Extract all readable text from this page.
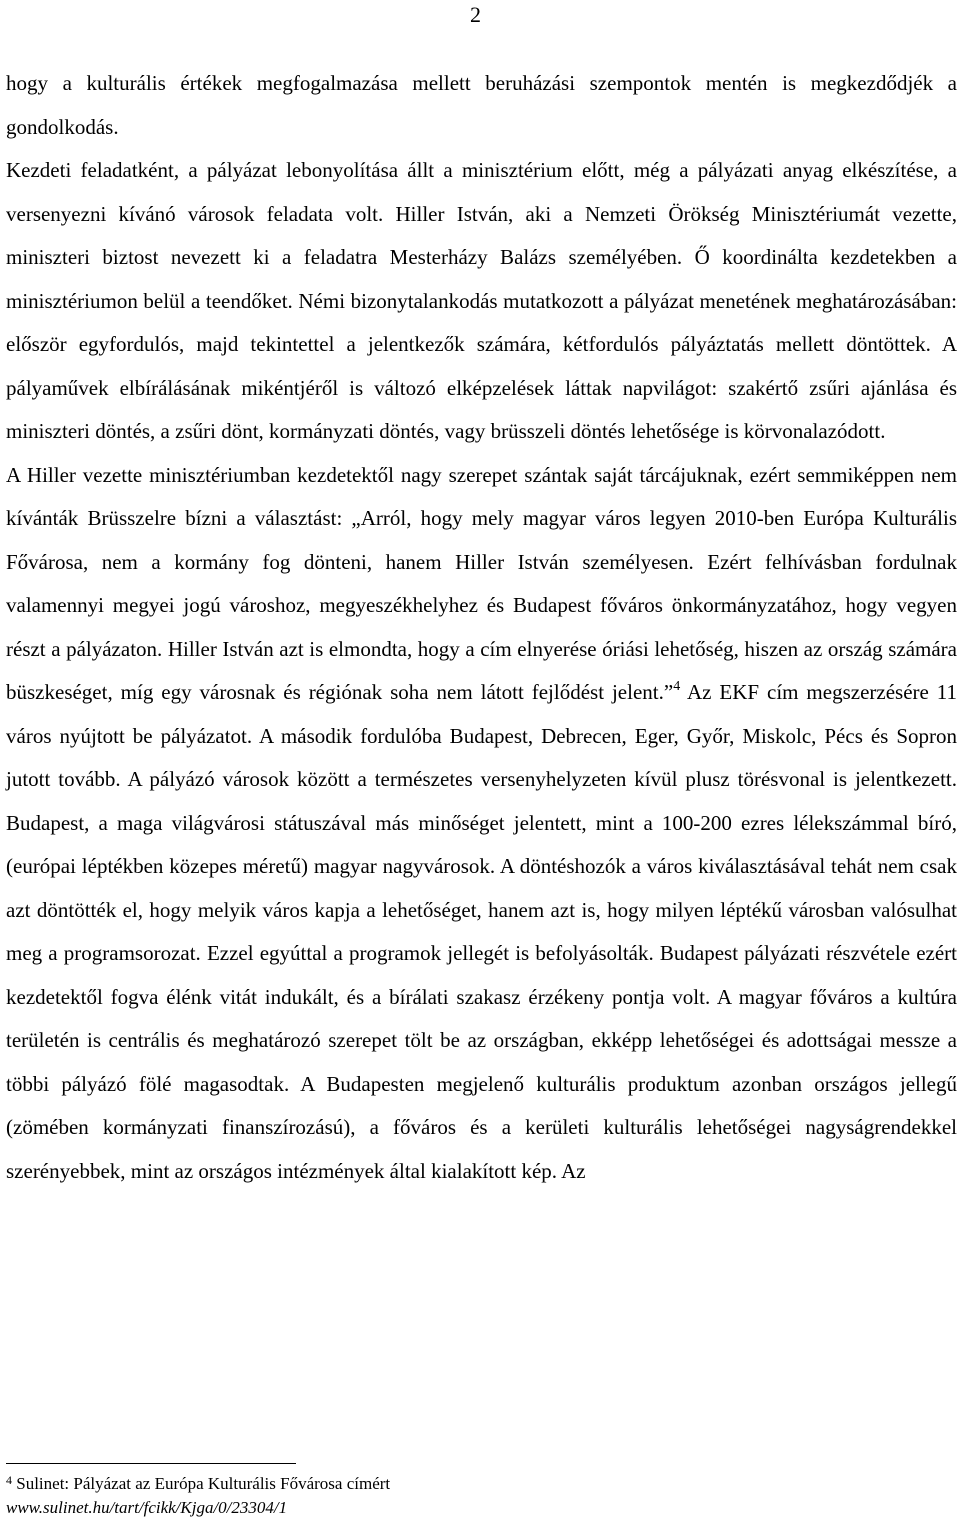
2

hogy a kulturális értékek megfogalmazása mellett beruházási szempontok mentén is megkezdődjék a gondolkodás.

Kezdeti feladatként, a pályázat lebonyolítása állt a minisztérium előtt, még a pályázati anyag elkészítése, a versenyezni kívánó városok feladata volt. Hiller István, aki a Nemzeti Örökség Minisztériumát vezette, miniszteri biztost nevezett ki a feladatra Mesterházy Balázs személyében. Ő koordinálta kezdetekben a minisztériumon belül a teendőket. Némi bizonytalankodás mutatkozott a pályázat menetének meghatározásában: először egyfordulós, majd tekintettel a jelentkezők számára, kétfordulós pályáztatás mellett döntöttek. A pályaművek elbírálásának mikéntjéről is változó elképzelések láttak napvilágot: szakértő zsűri ajánlása és miniszteri döntés, a zsűri dönt, kormányzati döntés, vagy brüsszeli döntés lehetősége is körvonalazódott.

A Hiller vezette minisztériumban kezdetektől nagy szerepet szántak saját tárcájuknak, ezért semmiképpen nem kívánták Brüsszelre bízni a választást: „Arról, hogy mely magyar város legyen 2010-ben Európa Kulturális Fővárosa, nem a kormány fog dönteni, hanem Hiller István személyesen. Ezért felhívásban fordulnak valamennyi megyei jogú városhoz, megyeszékhelyhez és Budapest főváros önkormányzatához, hogy vegyen részt a pályázaton. Hiller István azt is elmondta, hogy a cím elnyerése óriási lehetőség, hiszen az ország számára büszkeséget, míg egy városnak és régiónak soha nem látott fejlődést jelent.”$^4$ Az EKF cím megszerzésére 11 város nyújtott be pályázatot. A második fordulóba Budapest, Debrecen, Eger, Győr, Miskolc, Pécs és Sopron jutott tovább. A pályázó városok között a természetes versenyhelyzeten kívül plusz törésvonal is jelentkezett. Budapest, a maga világvárosi státuszával más minőséget jelentett, mint a 100-200 ezres lélekszámmal bíró, (európai léptékben közepes méretű) magyar nagyvárosok. A döntéshozók a város kiválasztásával tehát nem csak azt döntötték el, hogy melyik város kapja a lehetőséget, hanem azt is, hogy milyen léptékű városban valósulhat meg a programsorozat. Ezzel egyúttal a programok jellegét is befolyásolták. Budapest pályázati részvétele ezért kezdetektől fogva élénk vitát indukált, és a bírálati szakasz érzékeny pontja volt. A magyar főváros a kultúra területén is centrális és meghatározó szerepet tölt be az országban, ekképp lehetőségei és adottságai messze a többi pályázó fölé magasodtak. A Budapesten megjelenő kulturális produktum azonban országos jellegű (zömében kormányzati finanszírozású), a főváros és a kerületi kulturális lehetőségei nagyságrendekkel szerényebbek, mint az országos intézmények által kialakított kép. Az

$^4$ Sulinet: Pályázat az Európa Kulturális Fővárosa címért
www.sulinet.hu/tart/fcikk/Kjga/0/23304/1
